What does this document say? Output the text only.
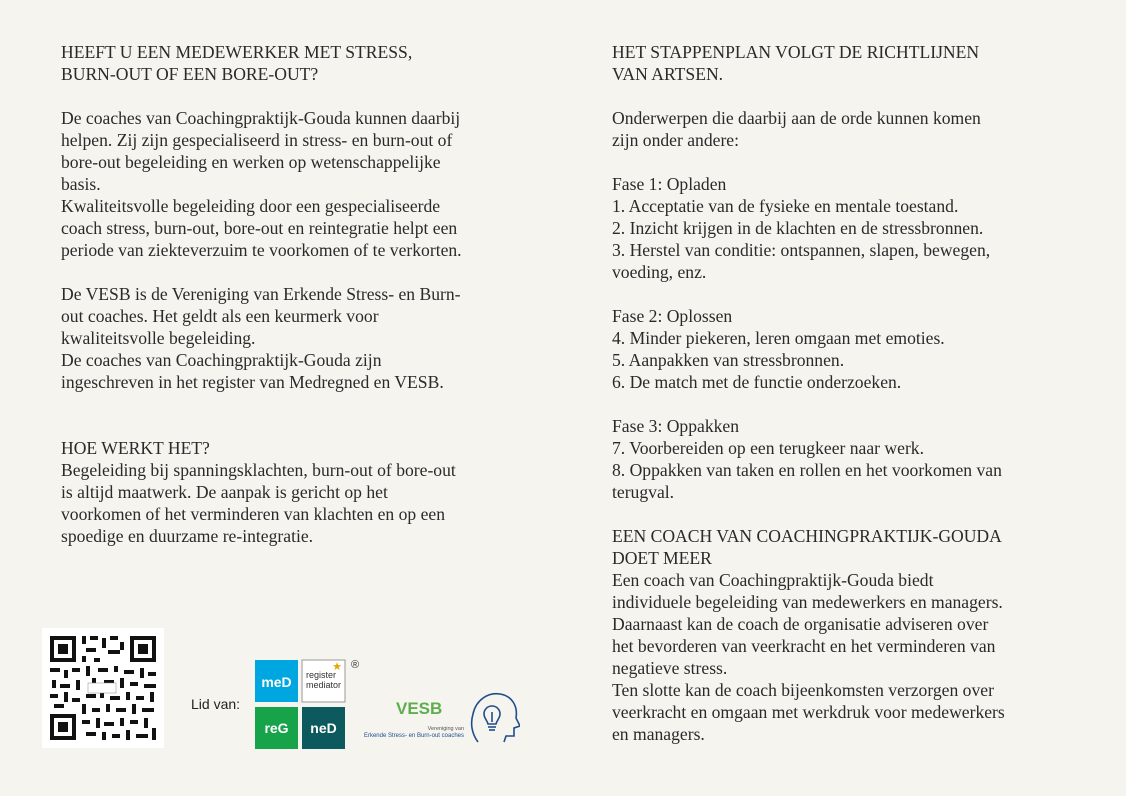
HEEFT U EEN MEDEWERKER MET STRESS,
BURN-OUT OF EEN BORE-OUT?

De coaches van Coachingpraktijk-Gouda kunnen daarbij
helpen. Zij zijn gespecialiseerd in stress- en burn-out of
bore-out begeleiding en werken op wetenschappelijke
basis.
Kwaliteitsvolle begeleiding door een gespecialiseerde
coach stress, burn-out, bore-out en reintegratie helpt een
periode van ziekteverzuim te voorkomen of te verkorten.

De VESB is de Vereniging van Erkende Stress- en Burn-
out coaches. Het geldt als een keurmerk voor
kwaliteitsvolle begeleiding.
De coaches van Coachingpraktijk-Gouda zijn
ingeschreven in het register van Medregned en VESB.

HOE WERKT HET?

Begeleiding bij spanningsklachten, burn-out of bore-out
is altijd maatwerk. De aanpak is gericht op het
voorkomen of het verminderen van klachten en op een
spoedige en duurzame re-integratie.

HET STAPPENPLAN VOLGT DE RICHTLIJNEN
VAN ARTSEN.

Onderwerpen die daarbij aan de orde kunnen komen
zijn onder andere:

Fase 1: Opladen
1. Acceptatie van de fysieke en mentale toestand.
2. Inzicht krijgen in de klachten en de stressbronnen.
3. Herstel van conditie: ontspannen, slapen, bewegen,
voeding, enz.

Fase 2: Oplossen
4. Minder piekeren, leren omgaan met emoties.
5. Aanpakken van stressbronnen.
6. De match met de functie onderzoeken.

Fase 3: Oppakken
7. Voorbereiden op een terugkeer naar werk.
8. Oppakken van taken en rollen en het voorkomen van
terugval.

EEN COACH VAN COACHINGPRAKTIJK-GOUDA
DOET MEER

Een coach van Coachingpraktijk-Gouda biedt
individuele begeleiding van medewerkers en managers.
Daarnaast kan de coach de organisatie adviseren over
het bevorderen van veerkracht en het verminderen van
negatieve stress.
Ten slotte kan de coach bijeenkomsten verzorgen over
veerkracht en omgaan met werkdruk voor medewerkers
en managers.

Lid van:
meD register
mediator
★ ®
reG neD
VESB
Vereniging van
Erkende Stress- en Burn-out coaches
